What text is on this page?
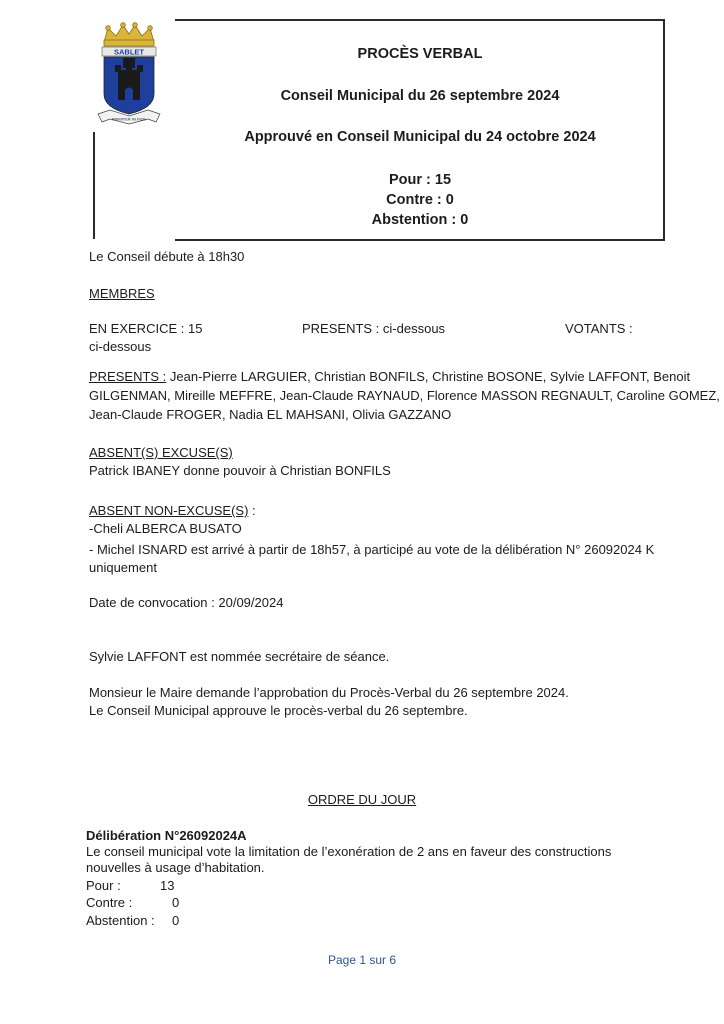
SABLET
FIRMITER IN FIDE
PROCÈS VERBAL
Conseil Municipal du 26 septembre 2024
Approuvé en Conseil Municipal du 24 octobre 2024
Pour : 15
Contre : 0
Abstention : 0
Le Conseil débute à 18h30
MEMBRES
EN EXERCICE : 15	PRESENTS : ci-dessous	VOTANTS :
ci-dessous
PRESENTS : Jean-Pierre LARGUIER, Christian BONFILS, Christine BOSONE, Sylvie LAFFONT, Benoit
GILGENMAN, Mireille MEFFRE, Jean-Claude RAYNAUD, Florence MASSON REGNAULT, Caroline GOMEZ,
Jean-Claude FROGER, Nadia EL MAHSANI, Olivia GAZZANO
ABSENT(S) EXCUSE(S)
Patrick IBANEY donne pouvoir à Christian BONFILS
ABSENT NON-EXCUSE(S) :
-Cheli ALBERCA BUSATO
- Michel ISNARD est arrivé à partir de 18h57, à participé au vote de la délibération N° 26092024 K
uniquement
Date de convocation : 20/09/2024
Sylvie LAFFONT est nommée secrétaire de séance.
Monsieur le Maire demande l’approbation du Procès-Verbal du 26 septembre 2024.
Le Conseil Municipal approuve le procès-verbal du 26 septembre.
ORDRE DU JOUR
Délibération N°26092024A
Le conseil municipal vote la limitation de l’exonération de 2 ans en faveur des constructions
nouvelles à usage d’habitation.
Pour :	13
Contre :	0
Abstention : 0
Page 1 sur 6
